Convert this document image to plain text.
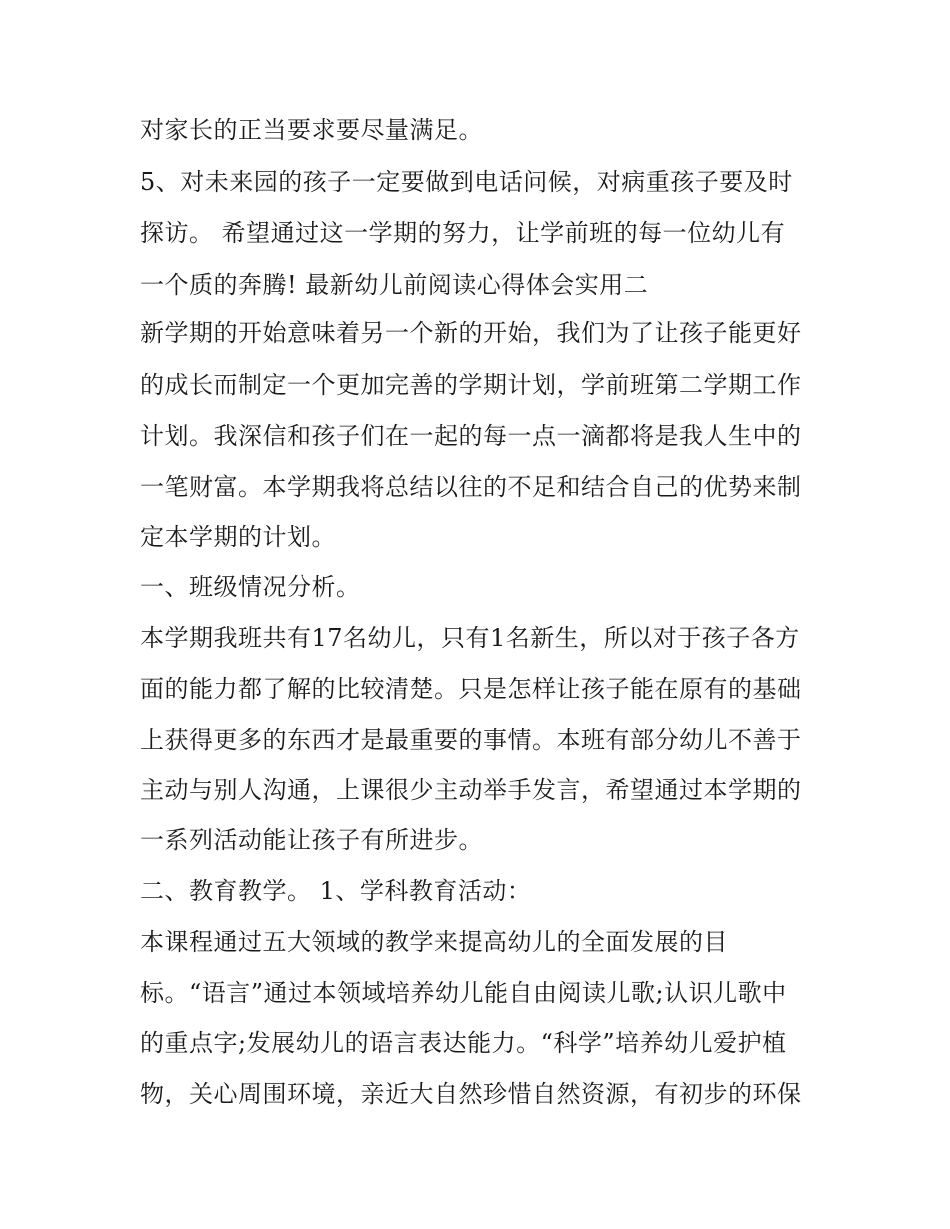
对家长的正当要求要尽量满足。
5、对未来园的孩子一定要做到电话问候，对病重孩子要及时
探访。 希望通过这一学期的努力，让学前班的每一位幼儿有
一个质的奔腾! 最新幼儿前阅读心得体会实用二
新学期的开始意味着另一个新的开始，我们为了让孩子能更好
的成长而制定一个更加完善的学期计划，学前班第二学期工作
计划。我深信和孩子们在一起的每一点一滴都将是我人生中的
一笔财富。本学期我将总结以往的不足和结合自己的优势来制
定本学期的计划。
一、班级情况分析。
本学期我班共有17名幼儿，只有1名新生，所以对于孩子各方
面的能力都了解的比较清楚。只是怎样让孩子能在原有的基础
上获得更多的东西才是最重要的事情。本班有部分幼儿不善于
主动与别人沟通，上课很少主动举手发言，希望通过本学期的
一系列活动能让孩子有所进步。
二、教育教学。 1、学科教育活动：
本课程通过五大领域的教学来提高幼儿的全面发展的目
标。“语言”通过本领域培养幼儿能自由阅读儿歌;认识儿歌中
的重点字;发展幼儿的语言表达能力。“科学”培养幼儿爱护植
物，关心周围环境，亲近大自然珍惜自然资源，有初步的环保
